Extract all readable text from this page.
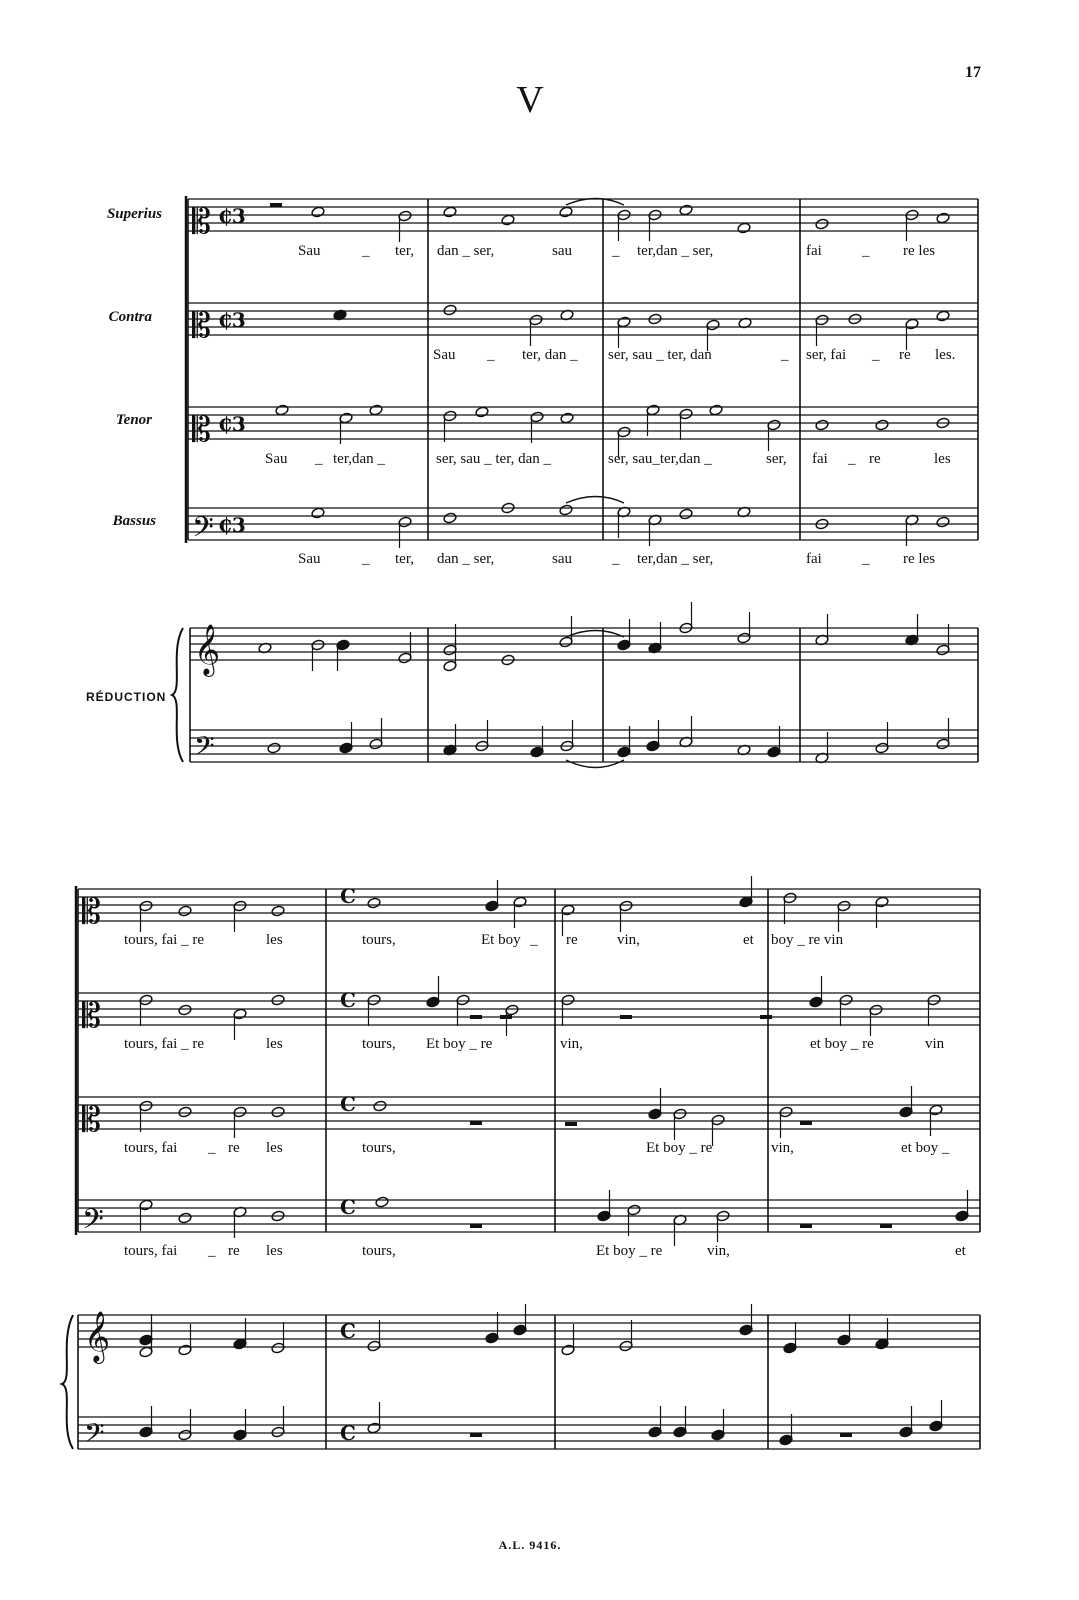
17
V
Superius
Contra
Tenor
Bassus
RÉDUCTION
𝄡 ₵3
𝄡 ₵3
𝄡 ₵3
𝄢 ₵3
𝄞
𝄢
𝄡
𝄡
𝄡
𝄢
𝄞
𝄢
C
C
C
C
C
C
Sau	_ ter, dan _ ser,	sau	_ ter,dan _ ser,	fai	_ re les
Sau _ ter, dan _ ser, sau _ ter, dan	_ ser, fai _ re les.
Sau _ ter,dan _	ser, sau _ ter, dan _	ser, sau_ter,dan _	ser, fai _ re	les
Sau	_ ter, dan _ ser,	sau	_ ter,dan _ ser,	fai	_ re les
tours, fai _ re	les	tours,	Et boy _ re	vin,	et boy _ re vin
tours, fai _ re	les	tours, Et boy _ re	vin,	et boy _ re	vin
tours, fai _ re les	tours,	Et boy _ re	vin,	et boy _
tours, fai _ re les	tours,	Et boy _ re	vin,	et
A.L. 9416.
